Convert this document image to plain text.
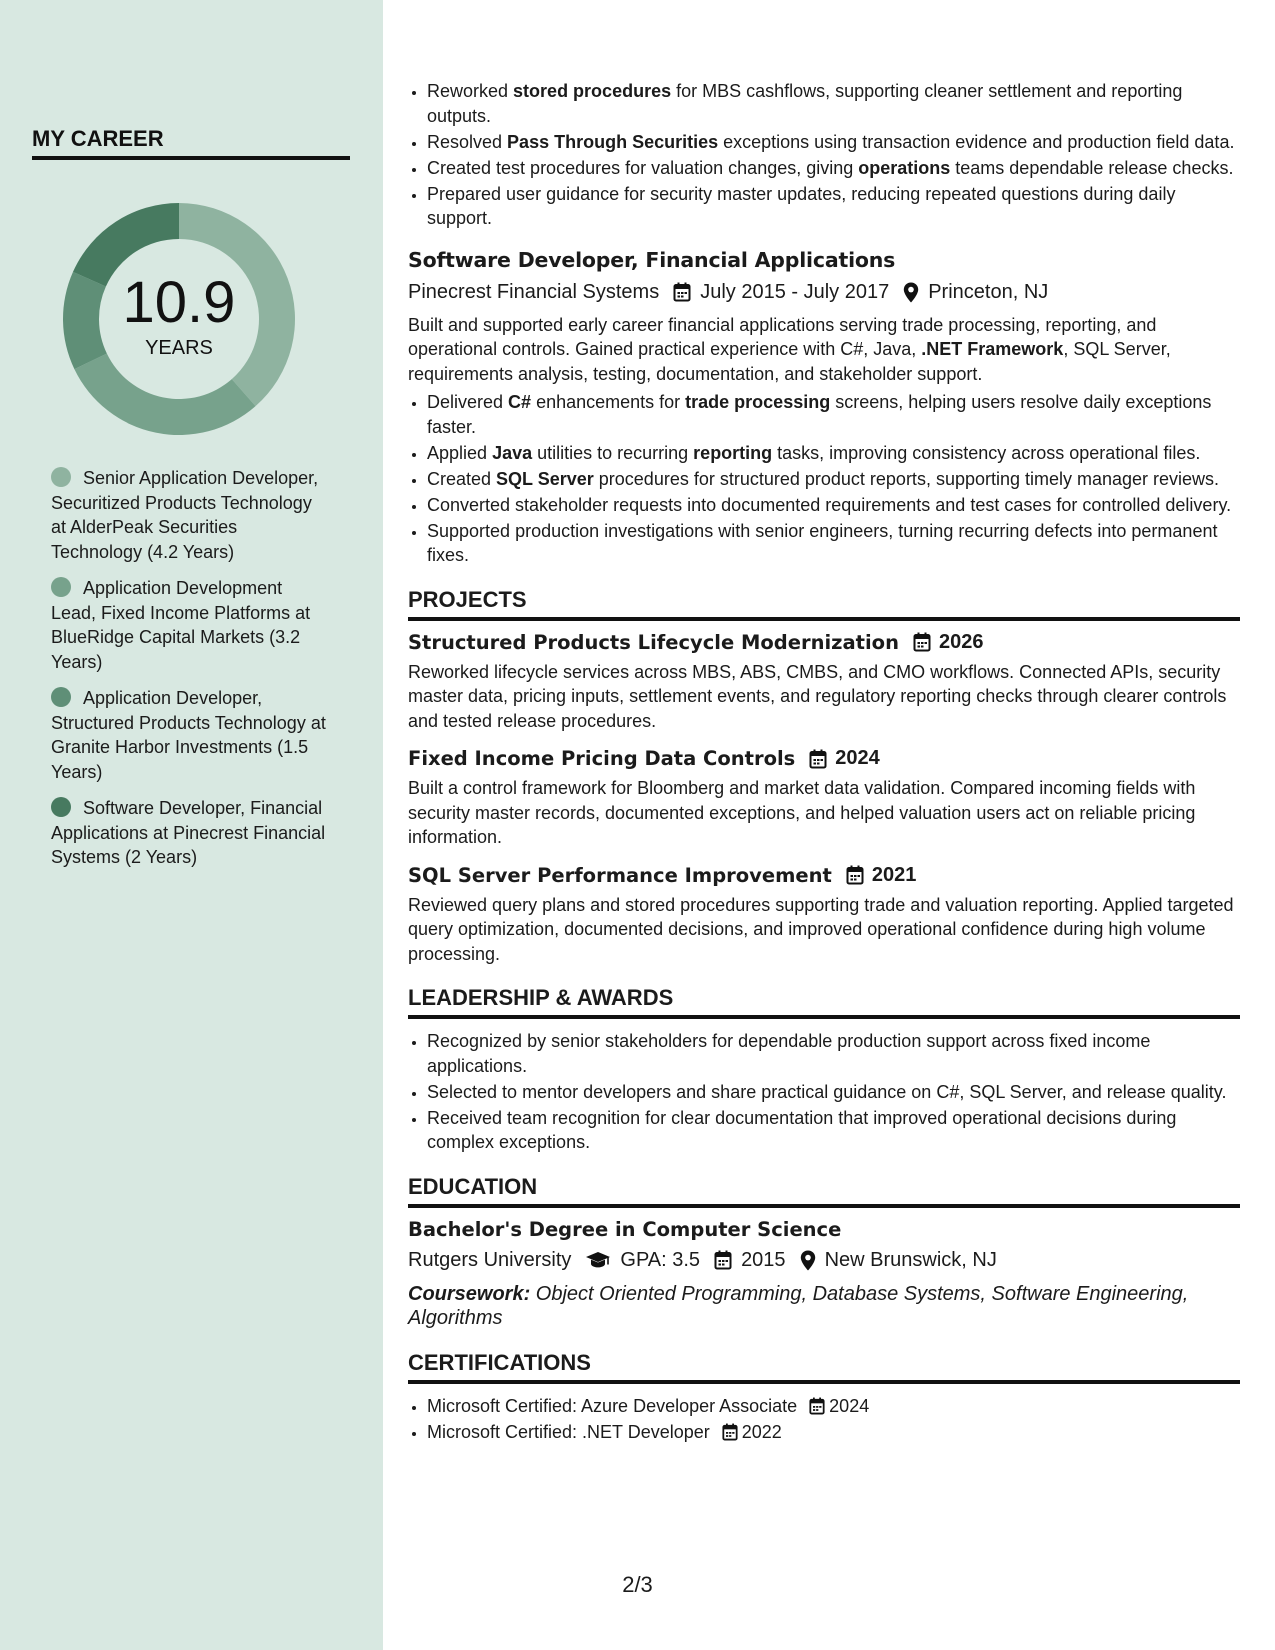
MY CAREER
10.9
YEARS
Senior Application Developer, Securitized Products Technology at AlderPeak Securities Technology (4.2 Years)
Application Development Lead, Fixed Income Platforms at BlueRidge Capital Markets (3.2 Years)
Application Developer, Structured Products Technology at Granite Harbor Investments (1.5 Years)
Software Developer, Financial Applications at Pinecrest Financial Systems (2 Years)
• Reworked stored procedures for MBS cashflows, supporting cleaner settlement and reporting outputs.
• Resolved Pass Through Securities exceptions using transaction evidence and production field data.
• Created test procedures for valuation changes, giving operations teams dependable release checks.
• Prepared user guidance for security master updates, reducing repeated questions during daily support.
Software Developer, Financial Applications
Pinecrest Financial Systems July 2015 - July 2017 Princeton, NJ
Built and supported early career financial applications serving trade processing, reporting, and operational controls. Gained practical experience with C#, Java, .NET Framework, SQL Server, requirements analysis, testing, documentation, and stakeholder support.
• Delivered C# enhancements for trade processing screens, helping users resolve daily exceptions faster.
• Applied Java utilities to recurring reporting tasks, improving consistency across operational files.
• Created SQL Server procedures for structured product reports, supporting timely manager reviews.
• Converted stakeholder requests into documented requirements and test cases for controlled delivery.
• Supported production investigations with senior engineers, turning recurring defects into permanent fixes.
PROJECTS
Structured Products Lifecycle Modernization 2026
Reworked lifecycle services across MBS, ABS, CMBS, and CMO workflows. Connected APIs, security master data, pricing inputs, settlement events, and regulatory reporting checks through clearer controls and tested release procedures.
Fixed Income Pricing Data Controls 2024
Built a control framework for Bloomberg and market data validation. Compared incoming fields with security master records, documented exceptions, and helped valuation users act on reliable pricing information.
SQL Server Performance Improvement 2021
Reviewed query plans and stored procedures supporting trade and valuation reporting. Applied targeted query optimization, documented decisions, and improved operational confidence during high volume processing.
LEADERSHIP & AWARDS
• Recognized by senior stakeholders for dependable production support across fixed income applications.
• Selected to mentor developers and share practical guidance on C#, SQL Server, and release quality.
• Received team recognition for clear documentation that improved operational decisions during complex exceptions.
EDUCATION
Bachelor's Degree in Computer Science
Rutgers University GPA: 3.5 2015 New Brunswick, NJ
Coursework: Object Oriented Programming, Database Systems, Software Engineering, Algorithms
CERTIFICATIONS
• Microsoft Certified: Azure Developer Associate 2024
• Microsoft Certified: .NET Developer 2022
2/3
